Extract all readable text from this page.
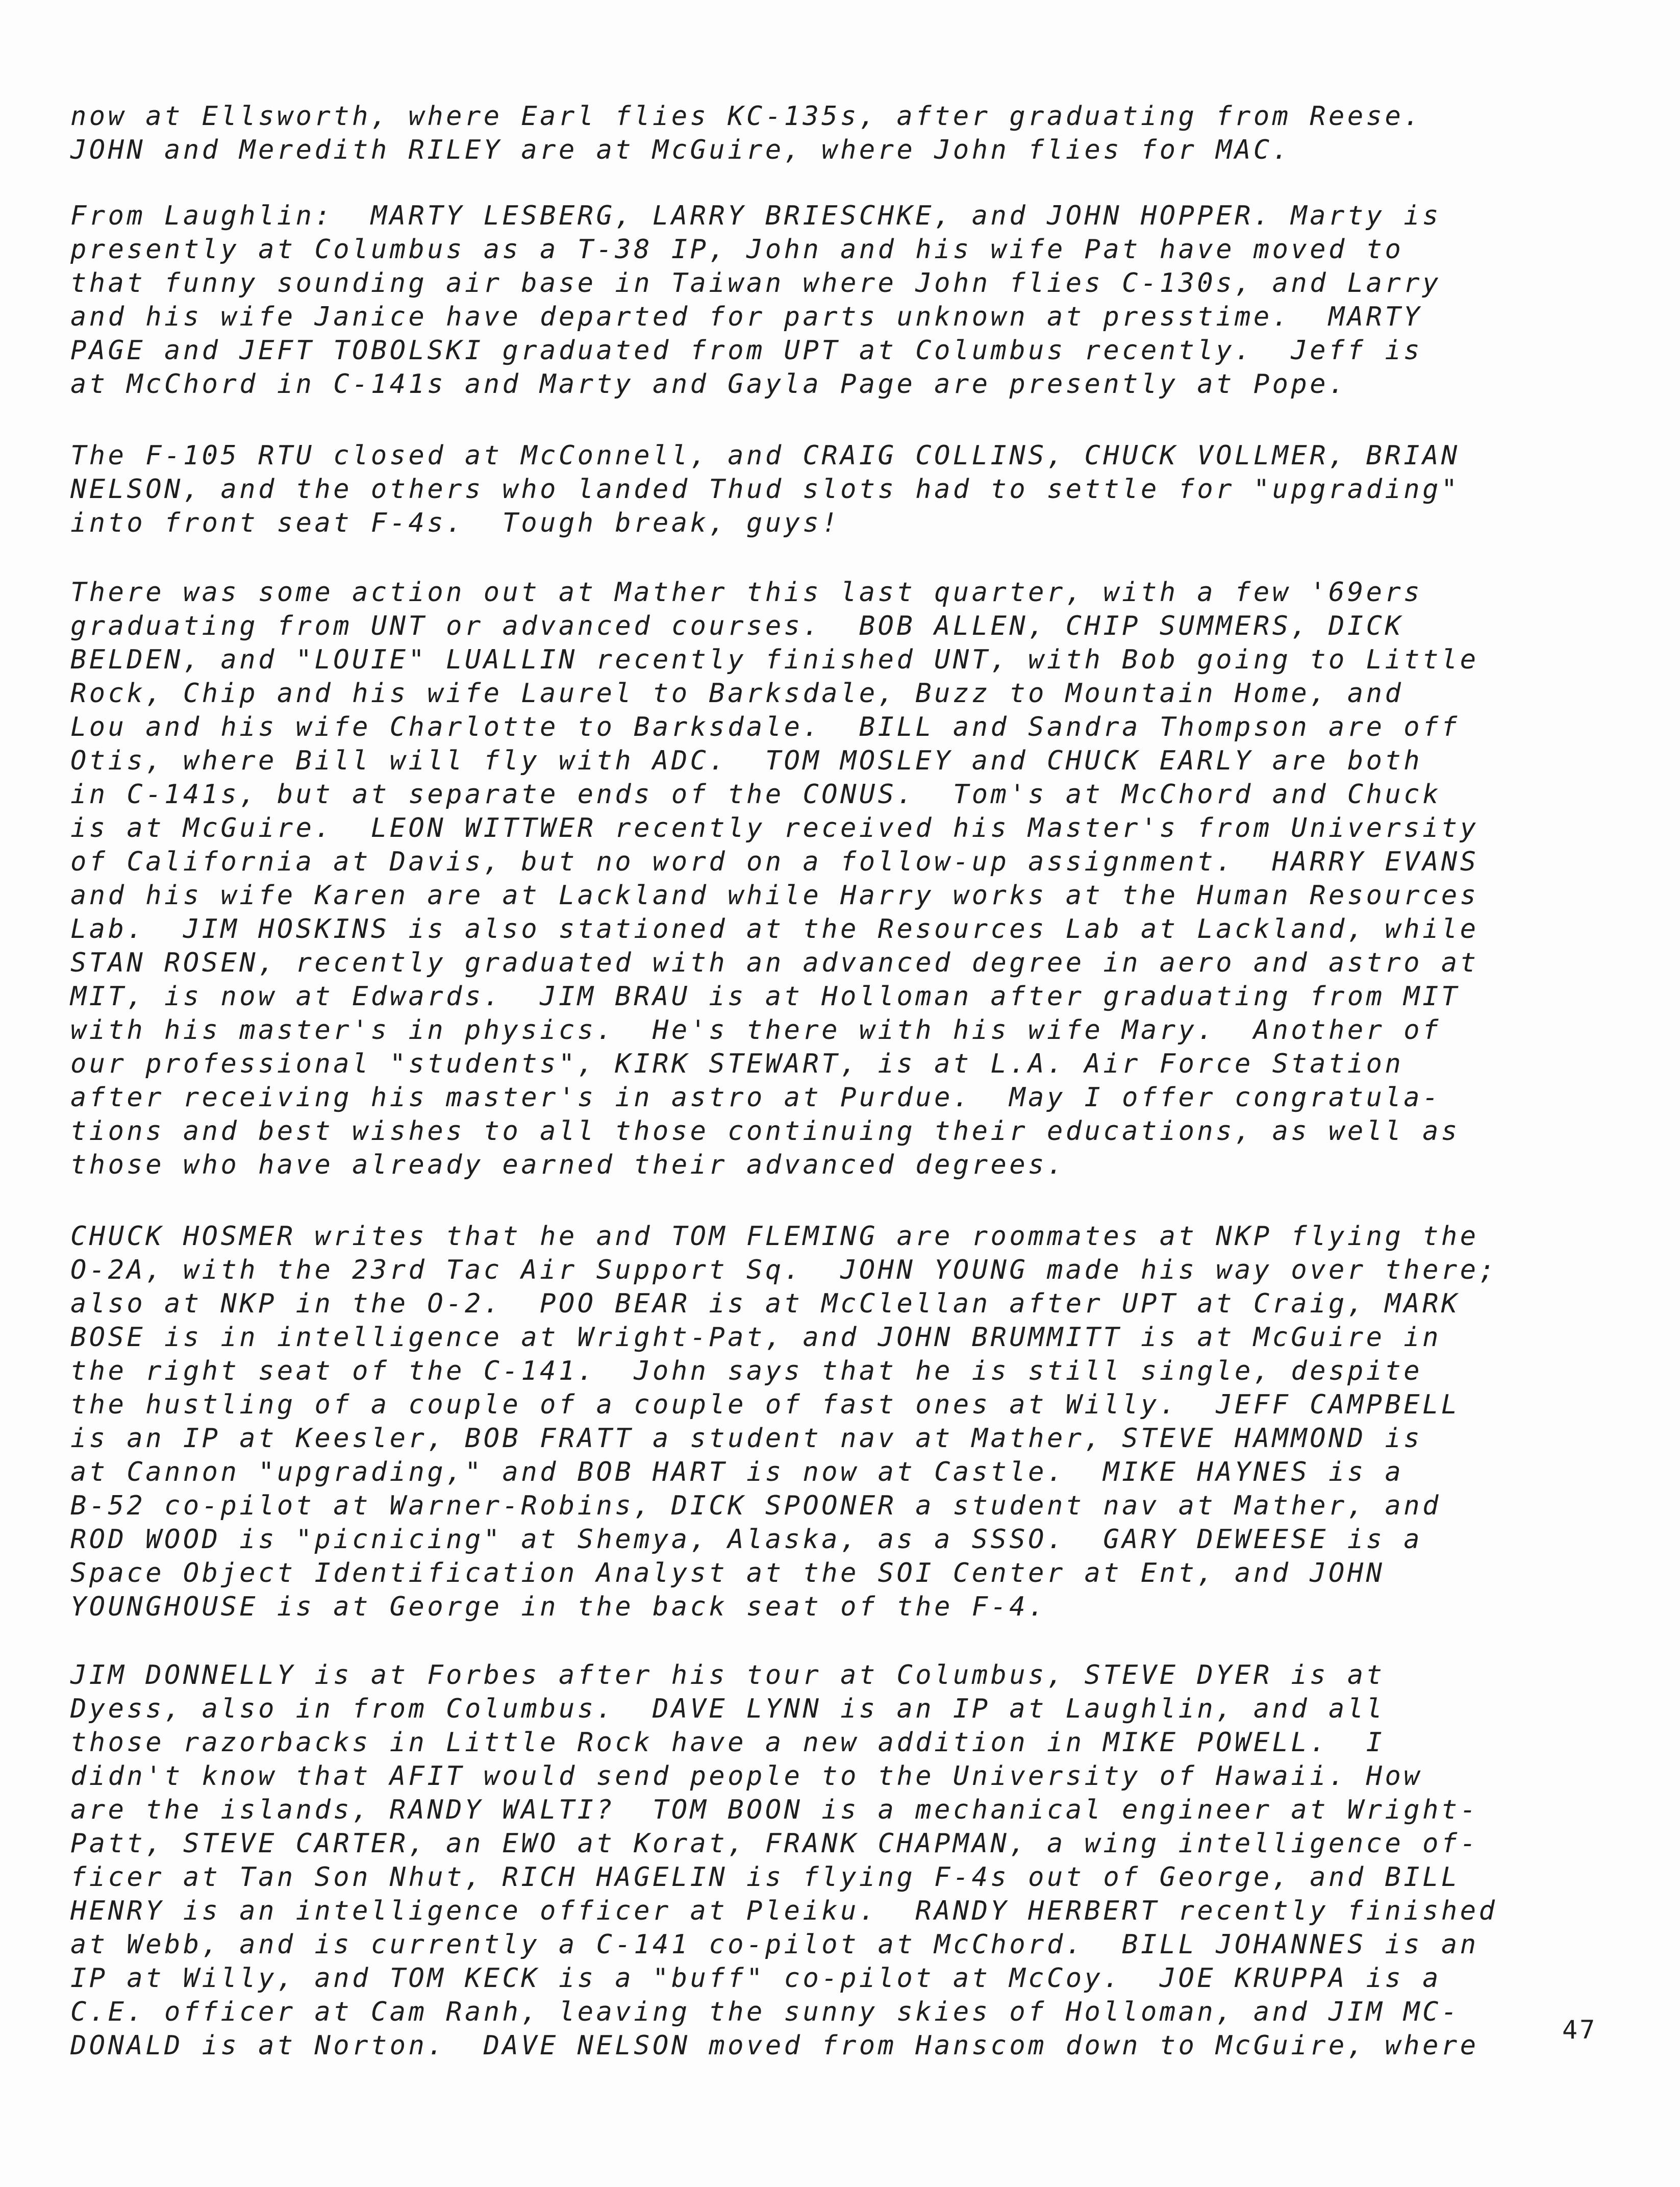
now at Ellsworth, where Earl flies KC-135s, after graduating from Reese.
JOHN and Meredith RILEY are at McGuire, where John flies for MAC.
From Laughlin:  MARTY LESBERG, LARRY BRIESCHKE, and JOHN HOPPER. Marty is
presently at Columbus as a T-38 IP, John and his wife Pat have moved to
that funny sounding air base in Taiwan where John flies C-130s, and Larry
and his wife Janice have departed for parts unknown at presstime.  MARTY
PAGE and JEFT TOBOLSKI graduated from UPT at Columbus recently.  Jeff is
at McChord in C-141s and Marty and Gayla Page are presently at Pope.
The F-105 RTU closed at McConnell, and CRAIG COLLINS, CHUCK VOLLMER, BRIAN
NELSON, and the others who landed Thud slots had to settle for "upgrading"
into front seat F-4s.  Tough break, guys!
There was some action out at Mather this last quarter, with a few '69ers
graduating from UNT or advanced courses.  BOB ALLEN, CHIP SUMMERS, DICK
BELDEN, and "LOUIE" LUALLIN recently finished UNT, with Bob going to Little
Rock, Chip and his wife Laurel to Barksdale, Buzz to Mountain Home, and
Lou and his wife Charlotte to Barksdale.  BILL and Sandra Thompson are off
Otis, where Bill will fly with ADC.  TOM MOSLEY and CHUCK EARLY are both
in C-141s, but at separate ends of the CONUS.  Tom's at McChord and Chuck
is at McGuire.  LEON WITTWER recently received his Master's from University
of California at Davis, but no word on a follow-up assignment.  HARRY EVANS
and his wife Karen are at Lackland while Harry works at the Human Resources
Lab.  JIM HOSKINS is also stationed at the Resources Lab at Lackland, while
STAN ROSEN, recently graduated with an advanced degree in aero and astro at
MIT, is now at Edwards.  JIM BRAU is at Holloman after graduating from MIT
with his master's in physics.  He's there with his wife Mary.  Another of
our professional "students", KIRK STEWART, is at L.A. Air Force Station
after receiving his master's in astro at Purdue.  May I offer congratula-
tions and best wishes to all those continuing their educations, as well as
those who have already earned their advanced degrees.
CHUCK HOSMER writes that he and TOM FLEMING are roommates at NKP flying the
O-2A, with the 23rd Tac Air Support Sq.  JOHN YOUNG made his way over there;
also at NKP in the O-2.  POO BEAR is at McClellan after UPT at Craig, MARK
BOSE is in intelligence at Wright-Pat, and JOHN BRUMMITT is at McGuire in
the right seat of the C-141.  John says that he is still single, despite
the hustling of a couple of a couple of fast ones at Willy.  JEFF CAMPBELL
is an IP at Keesler, BOB FRATT a student nav at Mather, STEVE HAMMOND is
at Cannon "upgrading," and BOB HART is now at Castle.  MIKE HAYNES is a
B-52 co-pilot at Warner-Robins, DICK SPOONER a student nav at Mather, and
ROD WOOD is "picnicing" at Shemya, Alaska, as a SSSO.  GARY DEWEESE is a
Space Object Identification Analyst at the SOI Center at Ent, and JOHN
YOUNGHOUSE is at George in the back seat of the F-4.
JIM DONNELLY is at Forbes after his tour at Columbus, STEVE DYER is at
Dyess, also in from Columbus.  DAVE LYNN is an IP at Laughlin, and all
those razorbacks in Little Rock have a new addition in MIKE POWELL.  I
didn't know that AFIT would send people to the University of Hawaii. How
are the islands, RANDY WALTI?  TOM BOON is a mechanical engineer at Wright-
Patt, STEVE CARTER, an EWO at Korat, FRANK CHAPMAN, a wing intelligence of-
ficer at Tan Son Nhut, RICH HAGELIN is flying F-4s out of George, and BILL
HENRY is an intelligence officer at Pleiku.  RANDY HERBERT recently finished
at Webb, and is currently a C-141 co-pilot at McChord.  BILL JOHANNES is an
IP at Willy, and TOM KECK is a "buff" co-pilot at McCoy.  JOE KRUPPA is a
C.E. officer at Cam Ranh, leaving the sunny skies of Holloman, and JIM MC-
DONALD is at Norton.  DAVE NELSON moved from Hanscom down to McGuire, where
47
